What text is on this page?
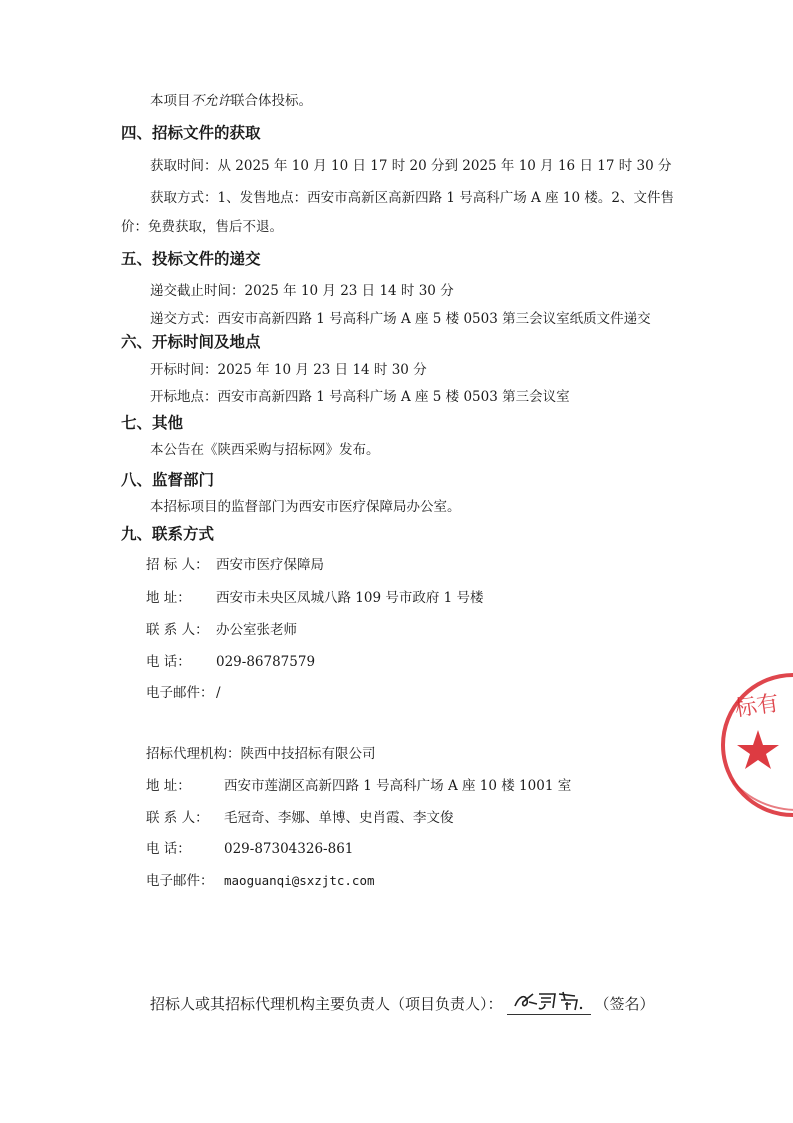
本项目不允许联合体投标。
四、招标文件的获取
获取时间：从 2025 年 10 月 10 日 17 时 20 分到 2025 年 10 月 16 日 17 时 30 分
获取方式：1、发售地点：西安市高新区高新四路 1 号高科广场 A 座 10 楼。2、文件售
价：免费获取，售后不退。
五、投标文件的递交
递交截止时间：2025 年 10 月 23 日 14 时 30 分
递交方式：西安市高新四路 1 号高科广场 A 座 5 楼 0503 第三会议室纸质文件递交
六、开标时间及地点
开标时间：2025 年 10 月 23 日 14 时 30 分
开标地点：西安市高新四路 1 号高科广场 A 座 5 楼 0503 第三会议室
七、其他
本公告在《陕西采购与招标网》发布。
八、监督部门
本招标项目的监督部门为西安市医疗保障局办公室。
九、联系方式
招 标 人： 西安市医疗保障局
地 址： 西安市未央区凤城八路 109 号市政府 1 号楼
联 系 人： 办公室张老师
电 话： 029-86787579
电子邮件： /
招标代理机构：陕西中技招标有限公司
地 址： 西安市莲湖区高新四路 1 号高科广场 A 座 10 楼 1001 室
联 系 人： 毛冠奇、李娜、单博、史肖霞、李文俊
电 话： 029-87304326-861
电子邮件： maoguanqi@sxzjtc.com
招标人或其招标代理机构主要负责人（项目负责人）：	（签名）
标有
